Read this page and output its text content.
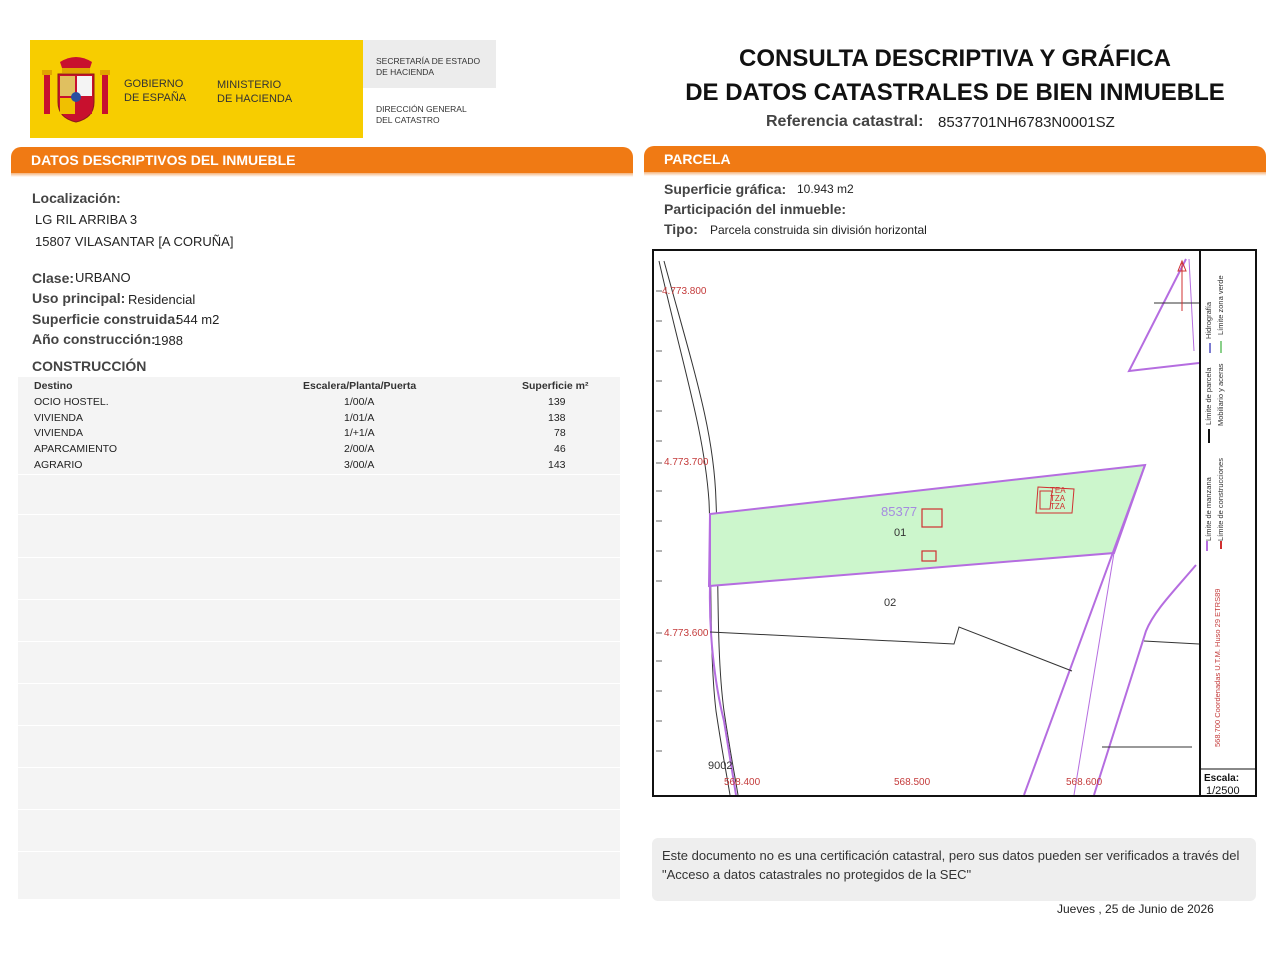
GOBIERNO
DE ESPAÑA
MINISTERIO
DE HACIENDA
SECRETARÍA DE ESTADO
DE HACIENDA
DIRECCIÓN GENERAL
DEL CATASTRO
CONSULTA DESCRIPTIVA Y GRÁFICA
DE DATOS CATASTRALES DE BIEN INMUEBLE
Referencia catastral: 8537701NH6783N0001SZ
DATOS DESCRIPTIVOS DEL INMUEBLE
Localización:
LG RIL ARRIBA 3
15807 VILASANTAR [A CORUÑA]
Clase: URBANO
Uso principal: Residencial
Superficie construida:
544 m2
Año construcción:
1988
CONSTRUCCIÓN
Destino	Escalera/Planta/Puerta	Superficie m²
OCIO HOSTEL.	1/00/A	139
VIVIENDA	1/01/A	138
VIVIENDA	1/+1/A	78
APARCAMIENTO	2/00/A	46
AGRARIO	3/00/A	143
PARCELA
Superficie gráfica: 10.943 m2
Participación del inmueble:
Tipo: Parcela construida sin división horizontal
4.773.800
4.773.700
4.773.600
568.400	568.500	568.600
85377
01
02
9002
TEA
TZA
TZA	Límite de manzana
Límite de parcela
Hidrografía
Límite de construcciones
Mobiliario y aceras
Límite zona verde
568.700 Coordenadas U.T.M. Huso 29 ETRS89
Escala:
1/2500
Este documento no es una certificación catastral, pero sus datos pueden ser verificados a través del "Acceso a datos catastrales no protegidos de la SEC"
Jueves , 25 de Junio de 2026
